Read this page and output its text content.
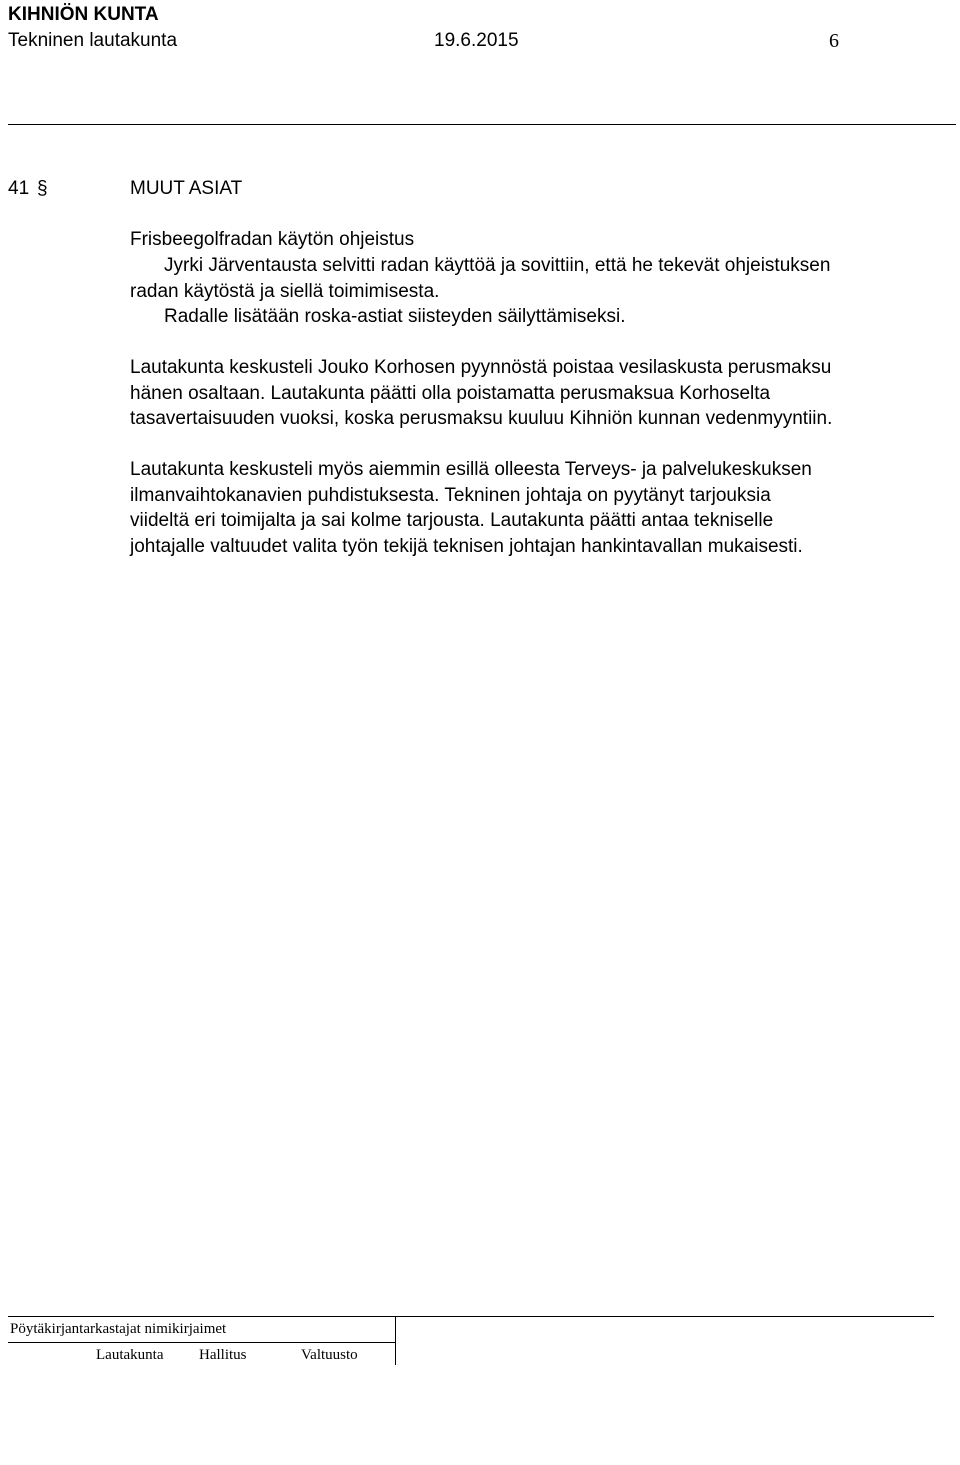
KIHNIÖN KUNTA
Tekninen lautakunta	19.6.2015	6
41 §	MUUT ASIAT
Frisbeegolfradan käytön ohjeistus
Jyrki Järventausta selvitti radan käyttöä ja sovittiin, että he tekevät ohjeistuksen
radan käytöstä ja siellä toimimisesta.
Radalle lisätään roska-astiat siisteyden säilyttämiseksi.
Lautakunta keskusteli Jouko Korhosen pyynnöstä poistaa vesilaskusta perusmaksu
hänen osaltaan. Lautakunta päätti olla poistamatta perusmaksua Korhoselta
tasavertaisuuden vuoksi, koska perusmaksu kuuluu Kihniön kunnan vedenmyyntiin.
Lautakunta keskusteli myös aiemmin esillä olleesta Terveys- ja palvelukeskuksen
ilmanvaihtokanavien puhdistuksesta. Tekninen johtaja on pyytänyt tarjouksia
viideltä eri toimijalta ja sai kolme tarjousta. Lautakunta päätti antaa tekniselle
johtajalle valtuudet valita työn tekijä teknisen johtajan hankintavallan mukaisesti.
Pöytäkirjantarkastajat nimikirjaimet
Lautakunta Hallitus	Valtuusto
